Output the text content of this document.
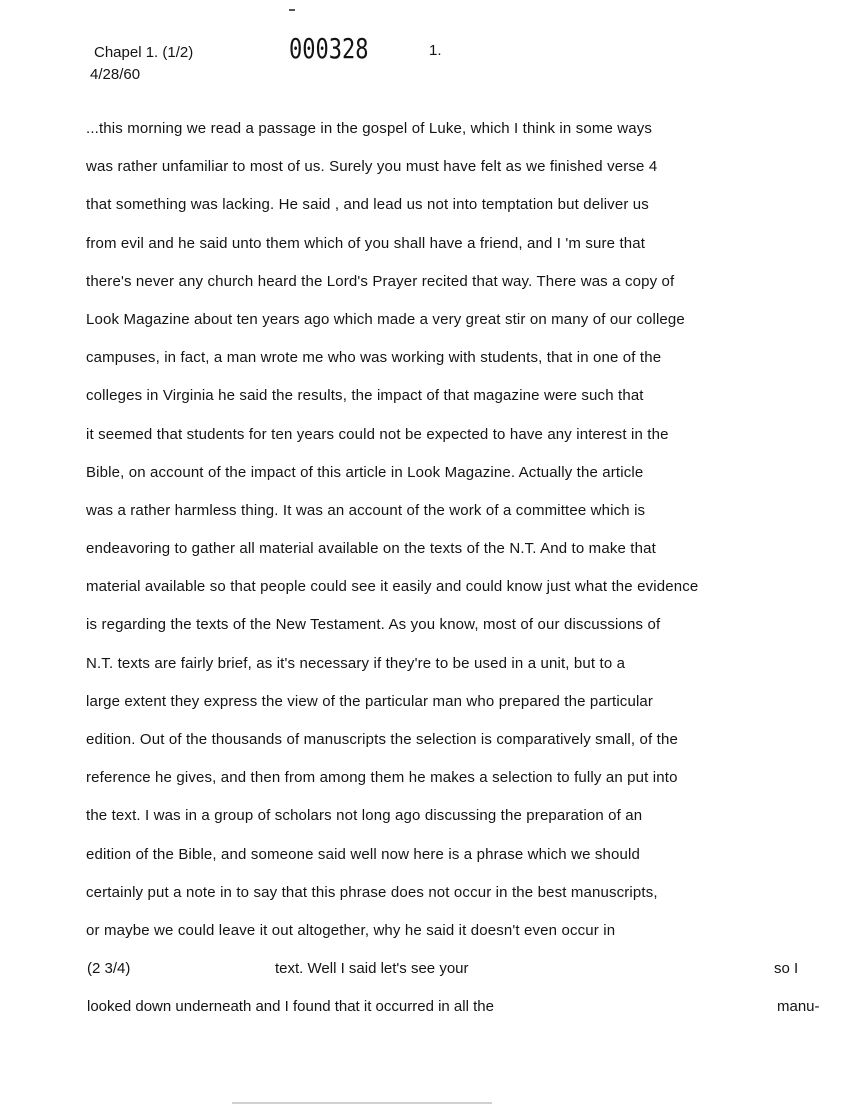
Chapel 1. (1/2)
4/28/60
000328	1.
...this morning we read a passage in the gospel of Luke, which I think in some ways
was rather unfamiliar to most of us. Surely you must have felt as we finished verse 4
that something was lacking. He said , and lead us not into temptation but deliver us
from evil and he said unto them which of you shall have a friend, and I 'm sure that
there's never any church heard the Lord's Prayer recited that way. There was a copy of
Look Magazine about ten years ago which made a very great stir on many of our college
campuses, in fact, a man wrote me who was working with students, that in one of the
colleges in Virginia he said the results, the impact of that magazine were such that
it seemed that students for ten years could not be expected to have any interest in the
Bible, on account of the impact of this article in Look Magazine. Actually the article
was a rather harmless thing. It was an account of the work of a committee which is
endeavoring to gather all material available on the texts of the N.T. And to make that
material available so that people could see it easily and could know just what the evidence
is regarding the texts of the New Testament. As you know, most of our discussions of
N.T. texts are fairly brief, as it's necessary if they're to be used in a unit, but to a
large extent they express the view of the particular man who prepared the particular
edition. Out of the thousands of manuscripts the selection is comparatively small, of the
reference he gives, and then from among them he makes a selection to fully an put into
the text. I was in a group of scholars not long ago discussing the preparation of an
edition of the Bible, and someone said well now here is a phrase which we should
certainly put a note in to say that this phrase does not occur in the best manuscripts,
or maybe we could leave it out altogether, why he said it doesn't even occur in
(2 3/4)	text. Well I said let's see your	so I
looked down underneath and I found that it occurred in all the	manu-
